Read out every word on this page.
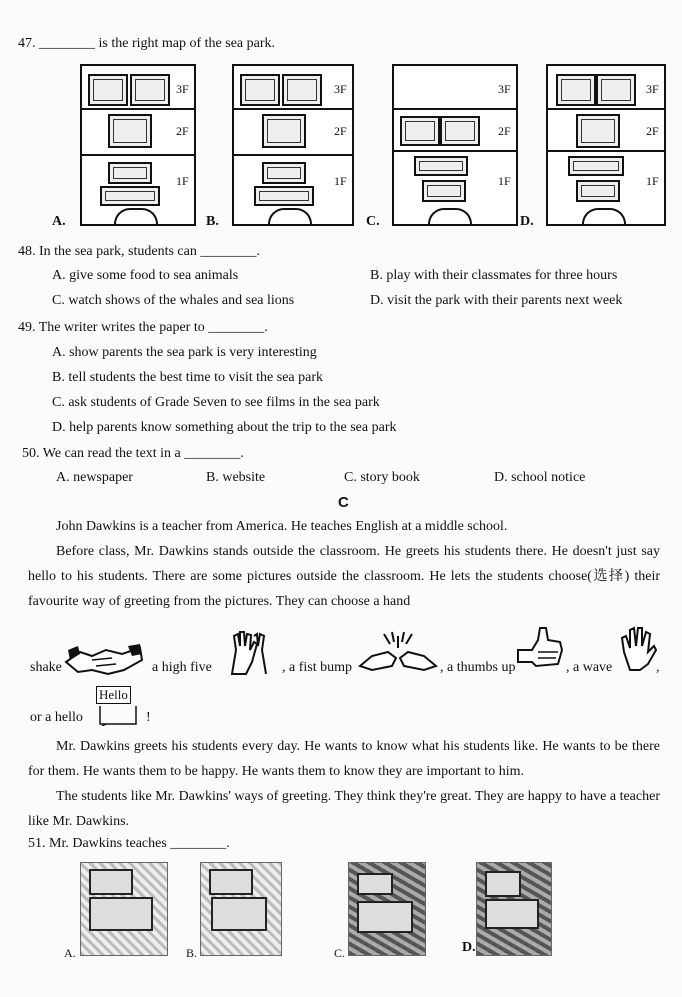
47. ________ is the right map of the sea park.
3F
2F
1F
A.
3F
2F
1F
B.
3F
2F
1F
C.
3F
2F
1F
D.
48. In the sea park, students can ________.
A. give some food to sea animals	B. play with their classmates for three hours
C. watch shows of the whales and sea lions	D. visit the park with their parents next week
49. The writer writes the paper to ________.
A. show parents the sea park is very interesting
B. tell students the best time to visit the sea park
C. ask students of Grade Seven to see films in the sea park
D. help parents know something about the trip to the sea park
50. We can read the text in a ________.
A. newspaper	B. website	C. story book	D. school notice
C
John Dawkins is a teacher from America. He teaches English at a middle school.
Before class, Mr. Dawkins stands outside the classroom. He greets his students there. He doesn't just say hello to his students. There are some pictures outside the classroom. He lets the students choose(选择) their favourite way of greeting from the pictures. They can choose a hand
shake	a high five	, a fist bump	, a thumbs up	, a wave	,
or a hello
Hello
!
Mr. Dawkins greets his students every day. He wants to know what his students like. He wants to be there for them. He wants them to be happy. He wants them to know they are important to him.
The students like Mr. Dawkins' ways of greeting. They think they're great. They are happy to have a teacher like Mr. Dawkins.
51. Mr. Dawkins teaches ________.
A.	B.	C.	D.
